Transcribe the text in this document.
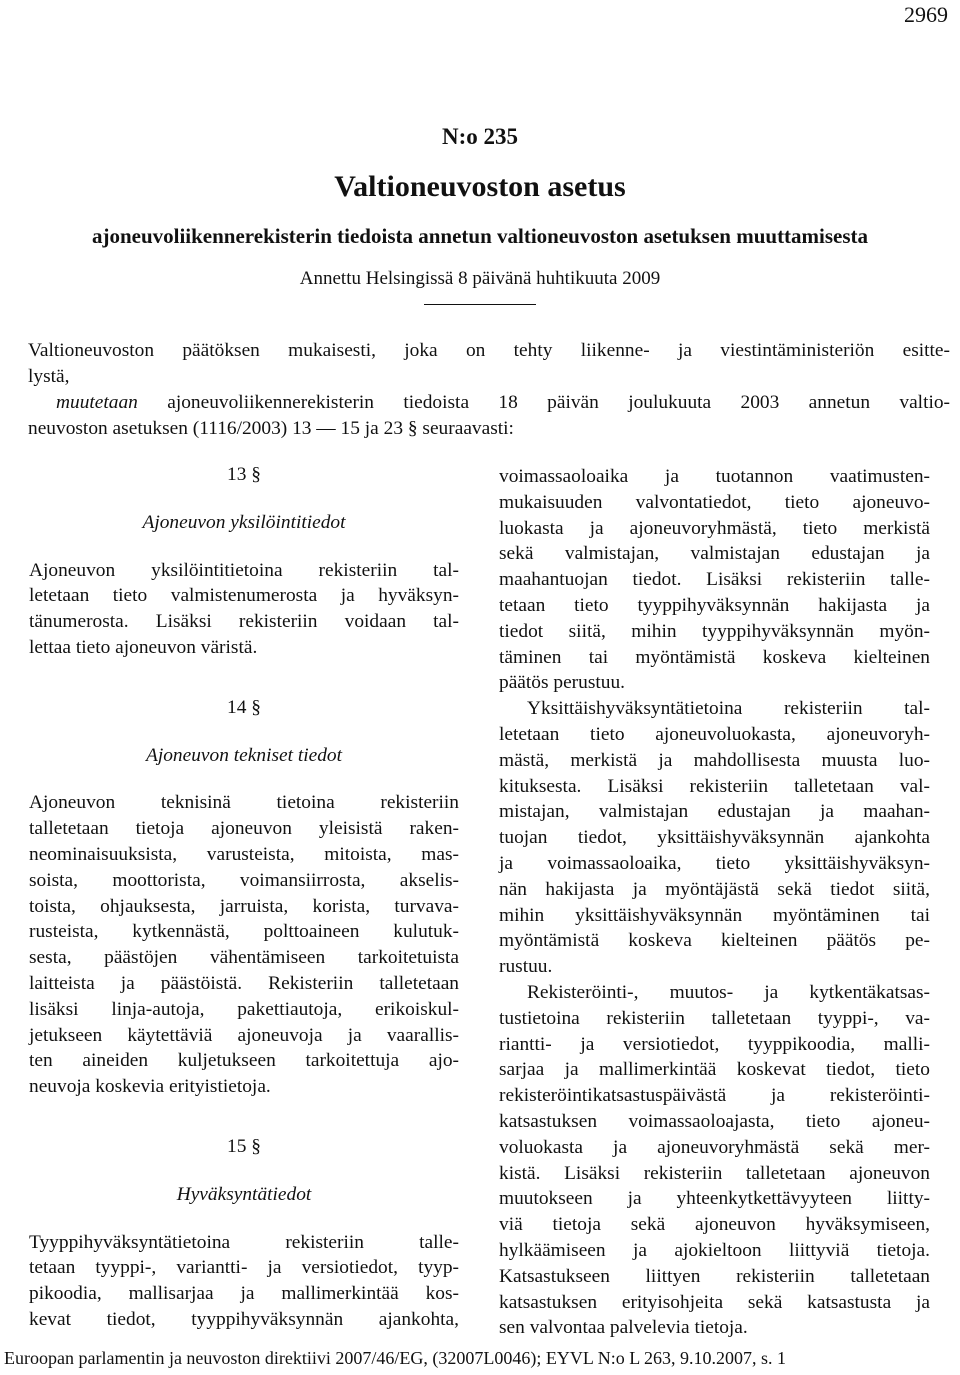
2969
N:o 235
Valtioneuvoston asetus
ajoneuvoliikennerekisterin tiedoista annetun valtioneuvoston asetuksen muuttamisesta
Annettu Helsingissä 8 päivänä huhtikuuta 2009
Valtioneuvoston päätöksen mukaisesti, joka on tehty liikenne- ja viestintäministeriön esitte-
lystä,
muutetaan ajoneuvoliikennerekisterin tiedoista 18 päivän joulukuuta 2003 annetun valtio-
neuvoston asetuksen (1116/2003) 13 — 15 ja 23 § seuraavasti:

13 §

Ajoneuvon yksilöintitiedot

Ajoneuvon yksilöintitietoina rekisteriin tal-
letetaan tieto valmistenumerosta ja hyväksyn-
tänumerosta. Lisäksi rekisteriin voidaan tal-
lettaa tieto ajoneuvon väristä.

14 §

Ajoneuvon tekniset tiedot

Ajoneuvon teknisinä tietoina rekisteriin
talletetaan tietoja ajoneuvon yleisistä raken-
neominaisuuksista, varusteista, mitoista, mas-
soista, moottorista, voimansiirrosta, akselis-
toista, ohjauksesta, jarruista, korista, turvava-
rusteista, kytkennästä, polttoaineen kulutuk-
sesta, päästöjen vähentämiseen tarkoitetuista
laitteista ja päästöistä. Rekisteriin talletetaan
lisäksi linja-autoja, pakettiautoja, erikoiskul-
jetukseen käytettäviä ajoneuvoja ja vaarallis-
ten aineiden kuljetukseen tarkoitettuja ajo-
neuvoja koskevia erityistietoja.

15 §

Hyväksyntätiedot

Tyyppihyväksyntätietoina rekisteriin talle-
tetaan tyyppi-, variantti- ja versiotiedot, tyyp-
pikoodia, mallisarjaa ja mallimerkintää kos-
kevat tiedot, tyyppihyväksynnän ajankohta,
voimassaoloaika ja tuotannon vaatimusten-
mukaisuuden valvontatiedot, tieto ajoneuvo-
luokasta ja ajoneuvoryhmästä, tieto merkistä
sekä valmistajan, valmistajan edustajan ja
maahantuojan tiedot. Lisäksi rekisteriin talle-
tetaan tieto tyyppihyväksynnän hakijasta ja
tiedot siitä, mihin tyyppihyväksynnän myön-
täminen tai myöntämistä koskeva kielteinen
päätös perustuu.
Yksittäishyväksyntätietoina rekisteriin tal-
letetaan tieto ajoneuvoluokasta, ajoneuvoryh-
mästä, merkistä ja mahdollisesta muusta luo-
kituksesta. Lisäksi rekisteriin talletetaan val-
mistajan, valmistajan edustajan ja maahan-
tuojan tiedot, yksittäishyväksynnän ajankohta
ja voimassaoloaika, tieto yksittäishyväksyn-
nän hakijasta ja myöntäjästä sekä tiedot siitä,
mihin yksittäishyväksynnän myöntäminen tai
myöntämistä koskeva kielteinen päätös pe-
rustuu.
Rekisteröinti-, muutos- ja kytkentäkatsas-
tustietoina rekisteriin talletetaan tyyppi-, va-
riantti- ja versiotiedot, tyyppikoodia, malli-
sarjaa ja mallimerkintää koskevat tiedot, tieto
rekisteröintikatsastuspäivästä ja rekisteröinti-
katsastuksen voimassaoloajasta, tieto ajoneu-
voluokasta ja ajoneuvoryhmästä sekä mer-
kistä. Lisäksi rekisteriin talletetaan ajoneuvon
muutokseen ja yhteenkytkettävyyteen liitty-
viä tietoja sekä ajoneuvon hyväksymiseen,
hylkäämiseen ja ajokieltoon liittyviä tietoja.
Katsastukseen liittyen rekisteriin talletetaan
katsastuksen erityisohjeita sekä katsastusta ja
sen valvontaa palvelevia tietoja.
Euroopan parlamentin ja neuvoston direktiivi 2007/46/EG, (32007L0046); EYVL N:o L 263, 9.10.2007, s. 1
